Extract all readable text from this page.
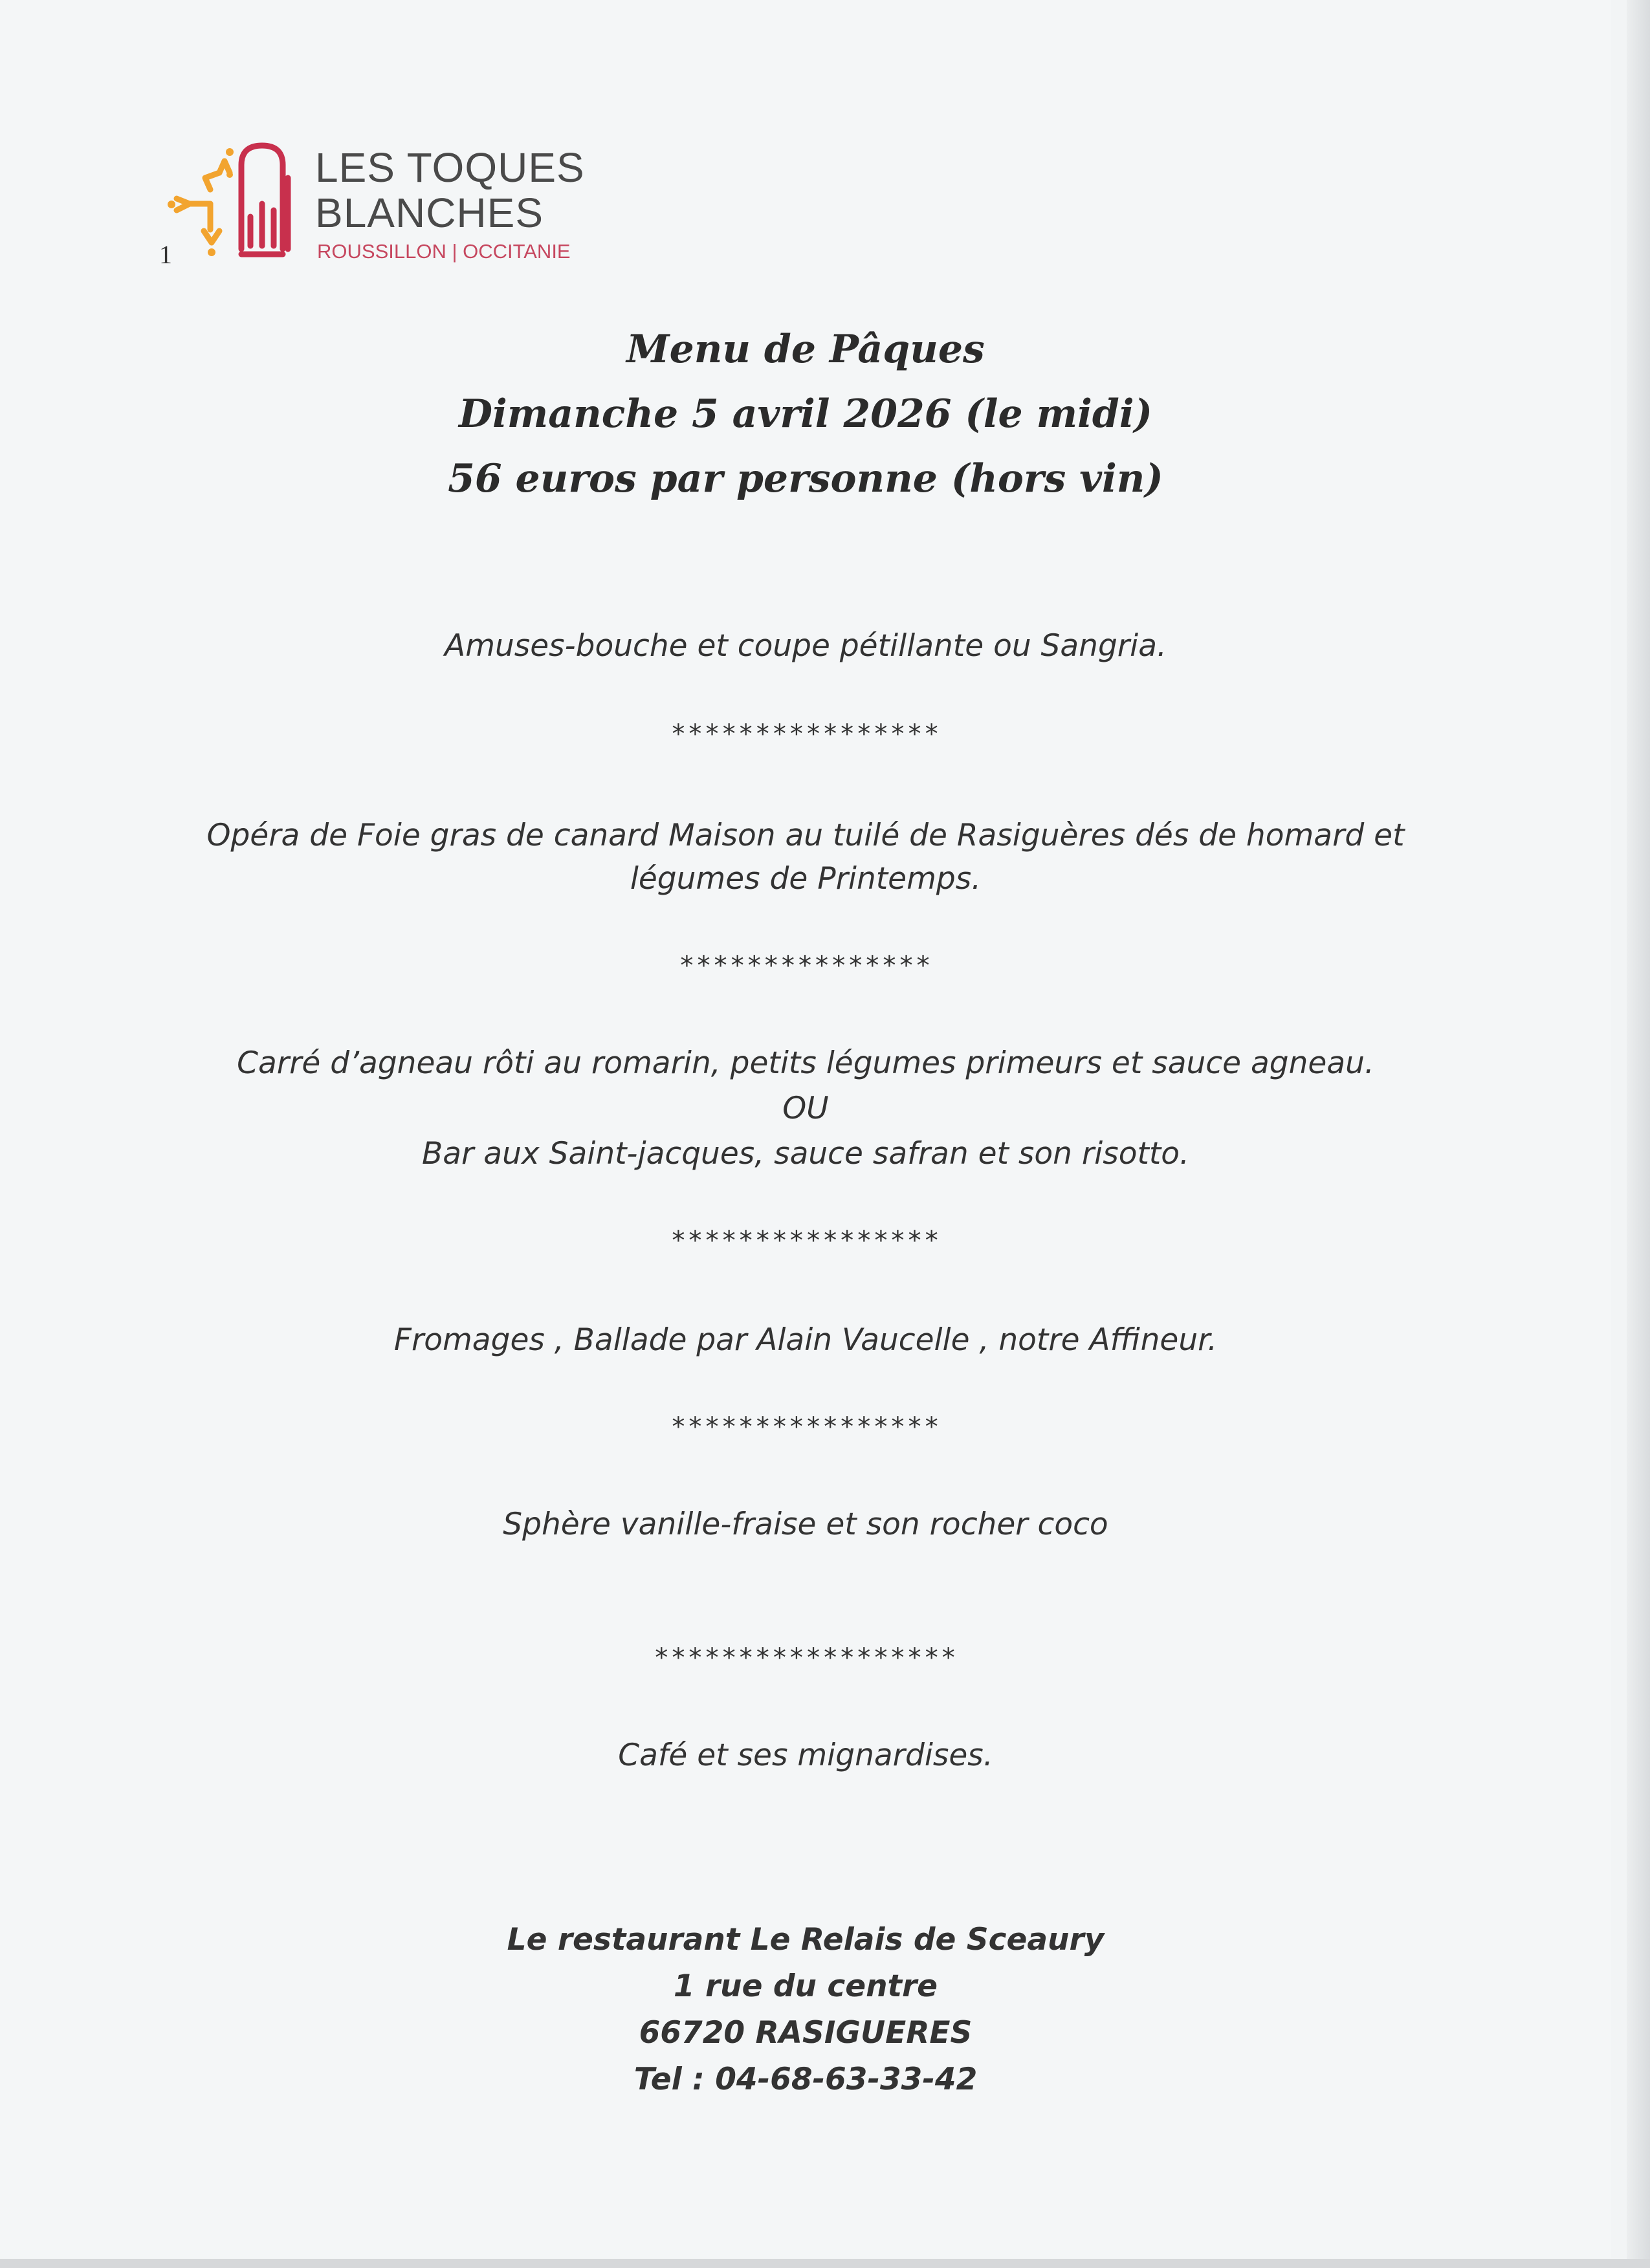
LES TOQUES
BLANCHES
ROUSSILLON | OCCITANIE
1
Menu de Pâques
Dimanche 5 avril 2026 (le midi)
56 euros par personne (hors vin)
Amuses-bouche et coupe pétillante ou Sangria.
****************
Opéra de Foie gras de canard Maison au tuilé de Rasiguères dés de homard et
légumes de Printemps.
***************
Carré d’agneau rôti au romarin, petits légumes primeurs et sauce agneau.
OU
Bar aux Saint-jacques, sauce safran et son risotto.
****************
Fromages , Ballade par Alain Vaucelle , notre Affineur.
****************
Sphère vanille-fraise et son rocher coco
******************
Café et ses mignardises.
Le restaurant Le Relais de Sceaury
1 rue du centre
66720 RASIGUERES
Tel : 04-68-63-33-42
